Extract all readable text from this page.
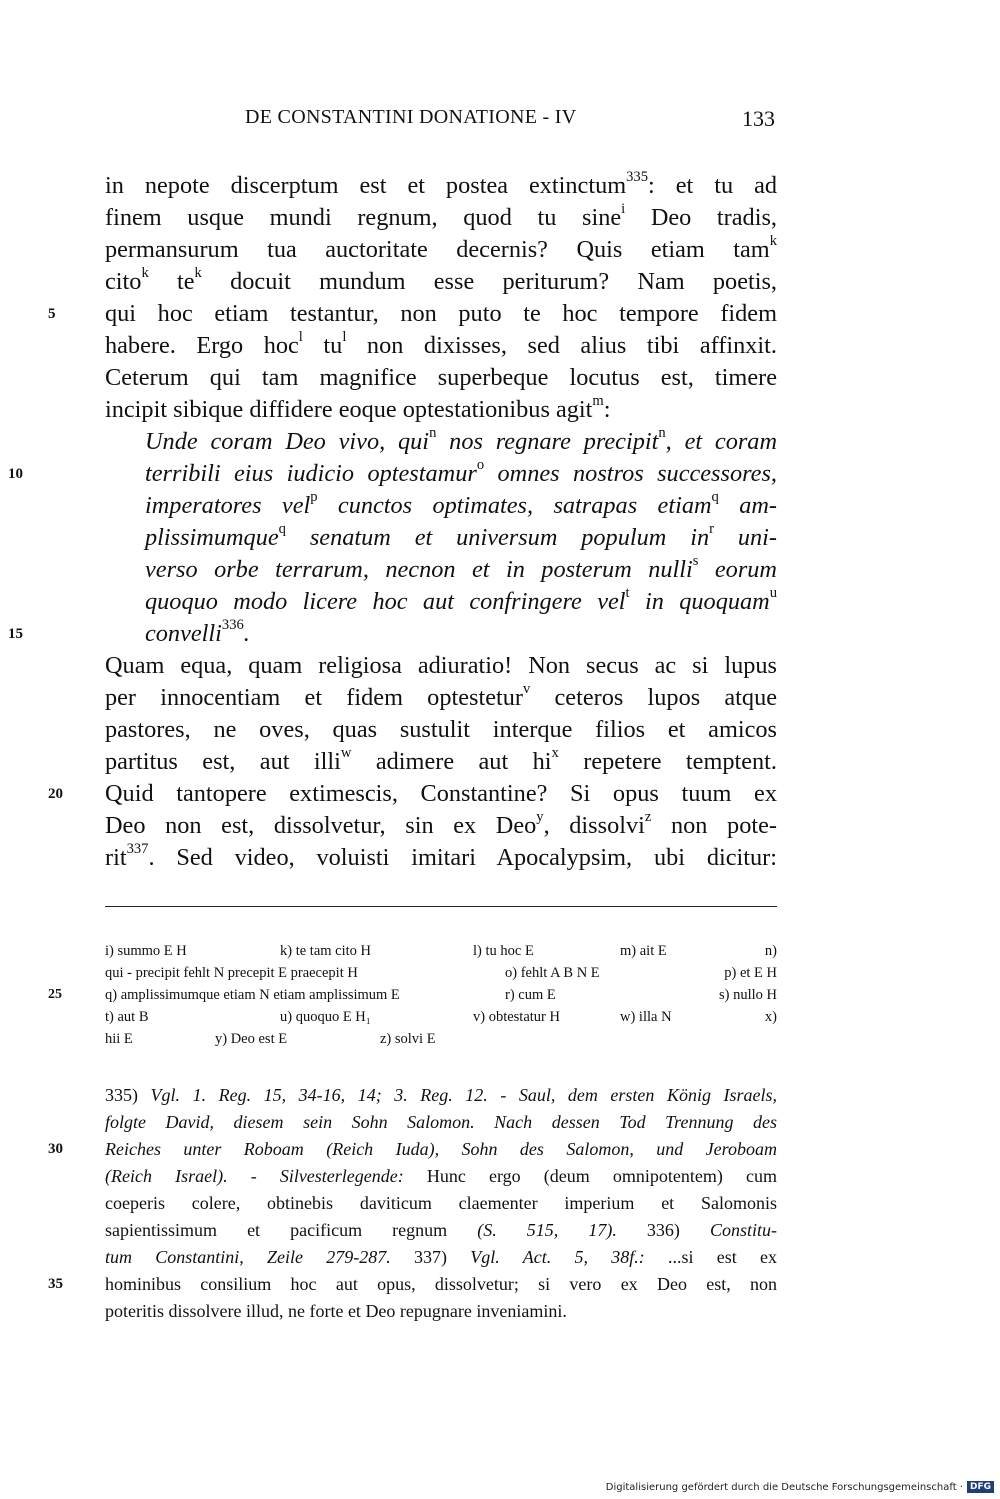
DE CONSTANTINI DONATIONE - IV	133
in nepote discerptum est et postea extinctum$^{335}$: et tu ad
finem usque mundi regnum, quod tu sine$^i$ Deo tradis,
permansurum tua auctoritate decernis? Quis etiam tam$^k$
cito$^k$ $te^k$ docuit mundum esse periturum? Nam poetis,
5	qui hoc etiam testantur, non puto te hoc tempore fidem
habere. Ergo hoc$^l$ $tu^l$ non dixisses, sed alius tibi affinxit.
Ceterum qui tam magnifice superbeque locutus est, timere
incipit sibique diffidere eoque optestationibus agit$^m$:
Unde coram Deo vivo, qui$^n$ nos regnare precipit$^n$, et coram
10	terribili eius iudicio optestamur$^o$ omnes nostros successores,
imperatores vel$^p$ cunctos optimates, satrapas etiam$^q$ am-
plissimumque$^q$ senatum et universum populum $in^r$ uni-
verso orbe terrarum, necnon et in posterum nulli$^s$ eorum
quoquo modo licere hoc aut confringere vel$^t$ in quoquam$^u$
15	convelli$^{336}$.
Quam equa, quam religiosa adiuratio! Non secus ac si lupus
per innocentiam et fidem optestetur$^v$ ceteros lupos atque
pastores, ne oves, quas sustulit interque filios et amicos
partitus est, aut illi$^w$ adimere aut $hi^x$ repetere temptent.
20	Quid tantopere extimescis, Constantine? Si opus tuum ex
Deo non est, dissolvetur, sin ex Deo$^y$, dissolvi$^z$ non pote-
rit$^{337}$. Sed video, voluisti imitari Apocalypsim, ubi dicitur:
i) summo E H	k) te tam cito H	l) tu hoc E	m) ait E	n)
qui - precipit fehlt N precepit E praecepit H	o) fehlt A B N E	p) et E H
25	q) amplissimumque etiam N etiam amplissimum E	r) cum E	s) nullo H
t) aut B	u) quoquo E H₁	v) obtestatur H	w) illa N	x)
hii E	y) Deo est E	z) solvi E
335) Vgl. 1. Reg. 15, 34-16, 14; 3. Reg. 12. - Saul, dem ersten König Israels,
folgte David, diesem sein Sohn Salomon. Nach dessen Tod Trennung des
30	Reiches unter Roboam (Reich Iuda), Sohn des Salomon, und Jeroboam
(Reich Israel). - Silvesterlegende: Hunc ergo (deum omnipotentem) cum
coeperis colere, obtinebis daviticum claementer imperium et Salomonis
sapientissimum et pacificum regnum (S. 515, 17). 336) Constitu-
tum Constantini, Zeile 279-287. 337) Vgl. Act. 5, 38f.: ...si est ex
35	hominibus consilium hoc aut opus, dissolvetur; si vero ex Deo est, non
poteritis dissolvere illud, ne forte et Deo repugnare inveniamini.
Digitalisierung gefördert durch die Deutsche Forschungsgemeinschaft · DFG
